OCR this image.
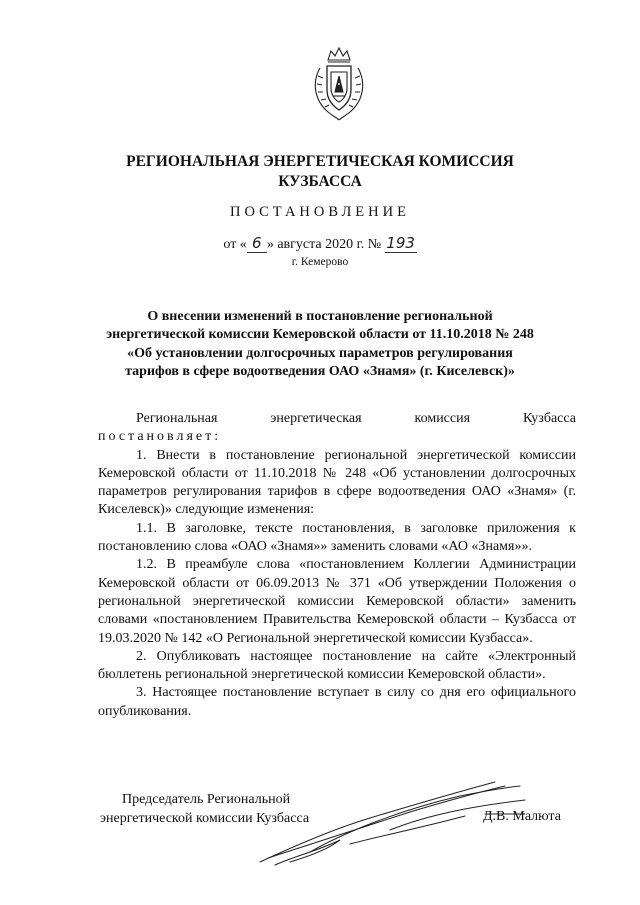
РЕГИОНАЛЬНАЯ ЭНЕРГЕТИЧЕСКАЯ КОМИССИЯ
КУЗБАССА
ПОСТАНОВЛЕНИЕ
от « 6 » августа 2020 г. № 193
г. Кемерово
О внесении изменений в постановление региональной
энергетической комиссии Кемеровской области от 11.10.2018 № 248
«Об установлении долгосрочных параметров регулирования
тарифов в сфере водоотведения ОАО «Знамя» (г. Киселевск)»

Региональная энергетическая комиссия Кузбасса

постановляет:

1. Внести в постановление региональной энергетической комиссии Кемеровской области от 11.10.2018 № 248 «Об установлении долгосрочных параметров регулирования тарифов в сфере водоотведения ОАО «Знамя» (г. Киселевск)» следующие изменения:

1.1. В заголовке, тексте постановления, в заголовке приложения к постановлению слова «ОАО «Знамя»» заменить словами «АО «Знамя»».

1.2. В преамбуле слова «постановлением Коллегии Администрации Кемеровской области от 06.09.2013 № 371 «Об утверждении Положения о региональной энергетической комиссии Кемеровской области» заменить словами «постановлением Правительства Кемеровской области – Кузбасса от 19.03.2020 № 142 «О Региональной энергетической комиссии Кузбасса».

2. Опубликовать настоящее постановление на сайте «Электронный бюллетень региональной энергетической комиссии Кемеровской области».

3. Настоящее постановление вступает в силу со дня его официального опубликования.

Председатель Региональной
энергетической комиссии Кузбасса	Д.В. Малюта
